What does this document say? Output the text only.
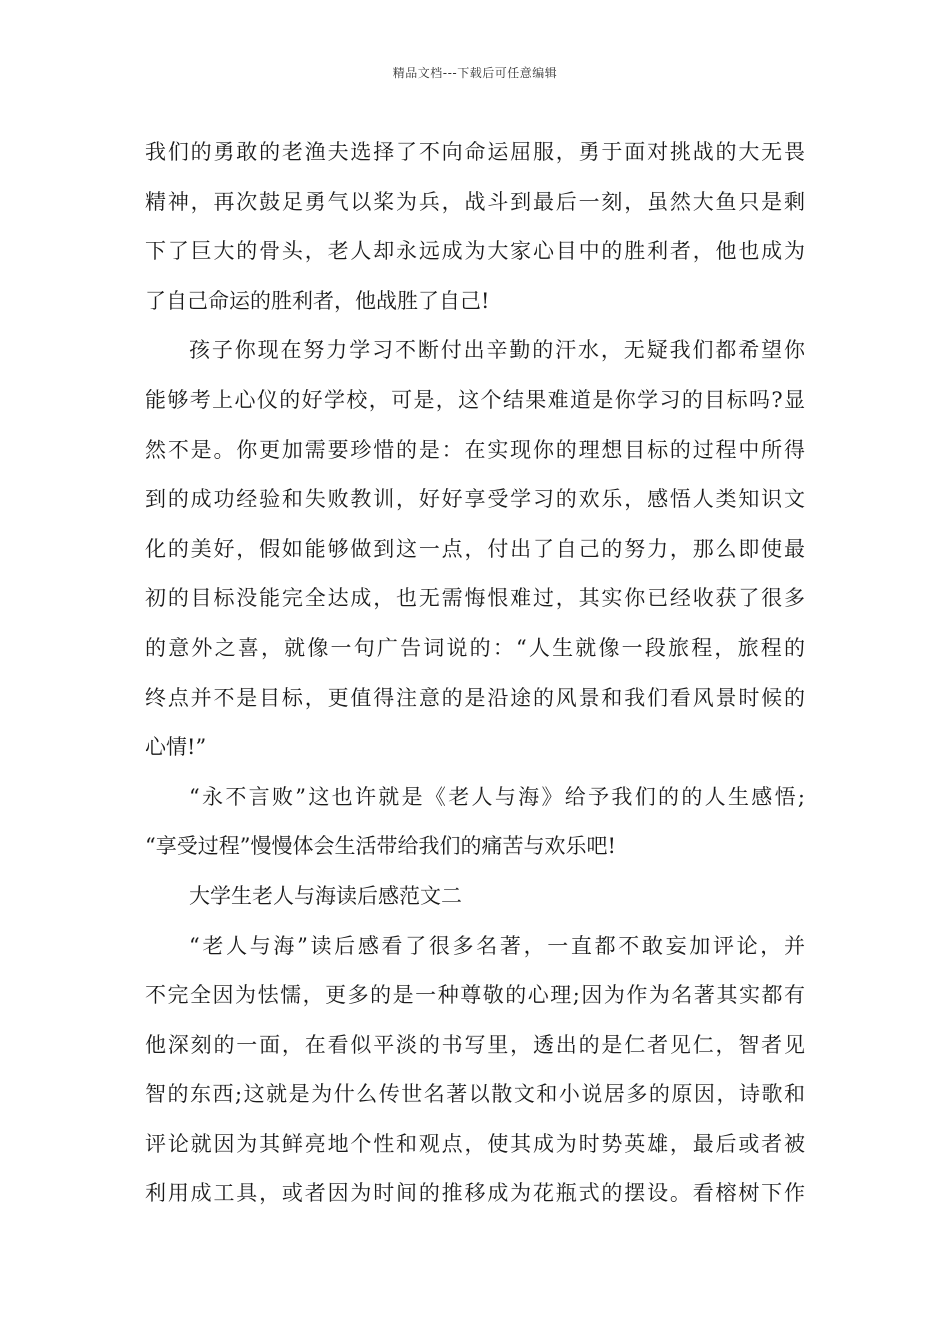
精品文档---下载后可任意编辑
我们的勇敢的老渔夫选择了不向命运屈服，勇于面对挑战的大无畏
精神，再次鼓足勇气以桨为兵，战斗到最后一刻，虽然大鱼只是剩
下了巨大的骨头，老人却永远成为大家心目中的胜利者，他也成为
了自己命运的胜利者，他战胜了自己!
孩子你现在努力学习不断付出辛勤的汗水，无疑我们都希望你
能够考上心仪的好学校，可是，这个结果难道是你学习的目标吗?显
然不是。你更加需要珍惜的是：在实现你的理想目标的过程中所得
到的成功经验和失败教训，好好享受学习的欢乐，感悟人类知识文
化的美好，假如能够做到这一点，付出了自己的努力，那么即使最
初的目标没能完全达成，也无需悔恨难过，其实你已经收获了很多
的意外之喜，就像一句广告词说的：“人生就像一段旅程，旅程的
终点并不是目标，更值得注意的是沿途的风景和我们看风景时候的
心情!”
“永不言败”这也许就是《老人与海》给予我们的的人生感悟;
“享受过程”慢慢体会生活带给我们的痛苦与欢乐吧!
大学生老人与海读后感范文二
“老人与海”读后感看了很多名著，一直都不敢妄加评论，并
不完全因为怯懦，更多的是一种尊敬的心理;因为作为名著其实都有
他深刻的一面，在看似平淡的书写里，透出的是仁者见仁，智者见
智的东西;这就是为什么传世名著以散文和小说居多的原因，诗歌和
评论就因为其鲜亮地个性和观点，使其成为时势英雄，最后或者被
利用成工具，或者因为时间的推移成为花瓶式的摆设。看榕树下作
